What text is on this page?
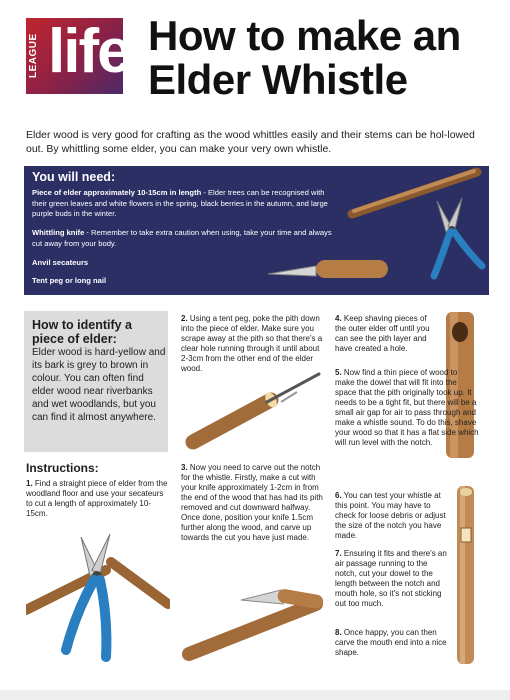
LEAGUE life How to make an Elder Whistle
Elder wood is very good for crafting as the wood whittles easily and their stems can be hol-lowed out. By whittling some elder, you can make your very own whistle.
You will need:
Piece of elder approximately 10-15cm in length - Elder trees can be recognised with their green leaves and white flowers in the spring, black berries in the autumn, and large purple buds in the winter.
Whittling knife - Remember to take extra caution when using, take your time and always cut away from your body.
Anvil secateurs
Tent peg or long nail
How to identify a piece of elder:
Elder wood is hard-yellow and its bark is grey to brown in colour. You can often find elder wood near riverbanks and wet woodlands, but you can find it almost anywhere.
Instructions:
1. Find a straight piece of elder from the woodland floor and use your secateurs to cut a length of approximately 10-15cm.
2. Using a tent peg, poke the pith down into the piece of elder. Make sure you scrape away at the pith so that there's a clear hole running through it until about 2-3cm from the other end of the elder wood.
3. Now you need to carve out the notch for the whistle. Firstly, make a cut with your knife approximately 1-2cm in from the end of the wood that has had its pith removed and cut downward halfway. Once done, position your knife 1.5cm further along the wood, and carve up towards the cut you have just made.
4. Keep shaving pieces of the outer elder off until you can see the pith layer and have created a hole.
5. Now find a thin piece of wood to make the dowel that will fit into the space that the pith originally took up. It needs to be a tight fit, but there will be a small air gap for air to pass through and make a whistle sound. To do this, shave your wood so that it has a flat side which will run level with the notch.
6. You can test your whistle at this point. You may have to check for loose debris or adjust the size of the notch you have made.
7. Ensuring it fits and there's an air passage running to the notch, cut your dowel to the length between the notch and mouth hole, so it's not sticking out too much.
8. Once happy, you can then carve the mouth end into a nice shape.
